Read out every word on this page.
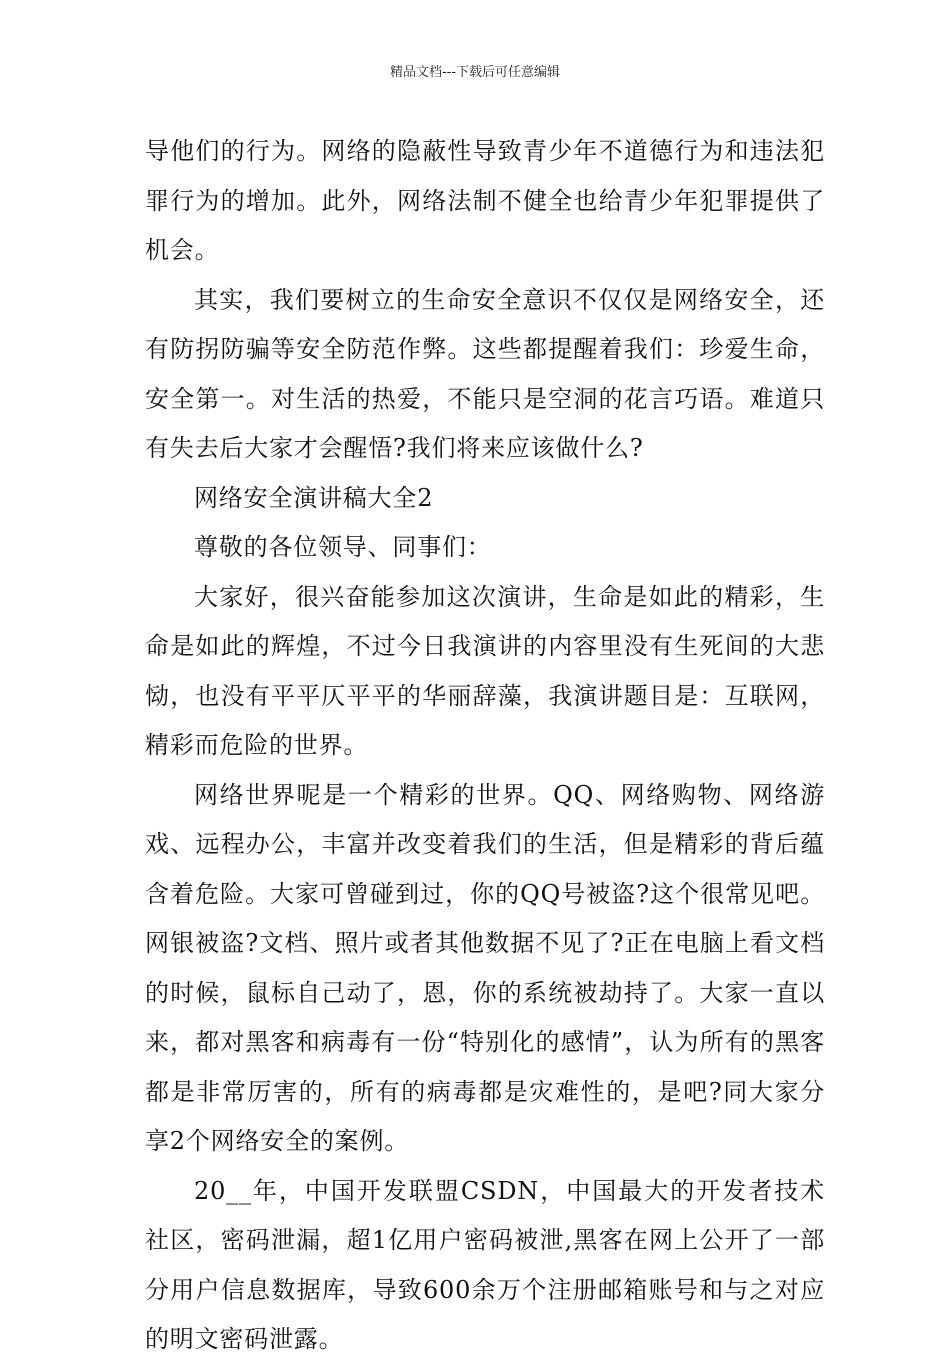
精品文档---下载后可任意编辑

导他们的行为。网络的隐蔽性导致青少年不道德行为和违法犯罪行为的增加。此外，网络法制不健全也给青少年犯罪提供了机会。

其实，我们要树立的生命安全意识不仅仅是网络安全，还有防拐防骗等安全防范作弊。这些都提醒着我们：珍爱生命，安全第一。对生活的热爱，不能只是空洞的花言巧语。难道只有失去后大家才会醒悟?我们将来应该做什么?

网络安全演讲稿大全2

尊敬的各位领导、同事们：

大家好，很兴奋能参加这次演讲，生命是如此的精彩，生命是如此的辉煌，不过今日我演讲的内容里没有生死间的大悲恸，也没有平平仄平平的华丽辞藻，我演讲题目是：互联网，精彩而危险的世界。

网络世界呢是一个精彩的世界。QQ、网络购物、网络游戏、远程办公，丰富并改变着我们的生活，但是精彩的背后蕴含着危险。大家可曾碰到过，你的QQ号被盗?这个很常见吧。网银被盗?文档、照片或者其他数据不见了?正在电脑上看文档的时候，鼠标自己动了，恩，你的系统被劫持了。大家一直以来，都对黑客和病毒有一份“特别化的感情”，认为所有的黑客都是非常厉害的，所有的病毒都是灾难性的，是吧?同大家分享2个网络安全的案例。

20__年，中国开发联盟CSDN，中国最大的开发者技术社区，密码泄漏，超1亿用户密码被泄,黑客在网上公开了一部分用户信息数据库，导致600余万个注册邮箱账号和与之对应的明文密码泄露。
